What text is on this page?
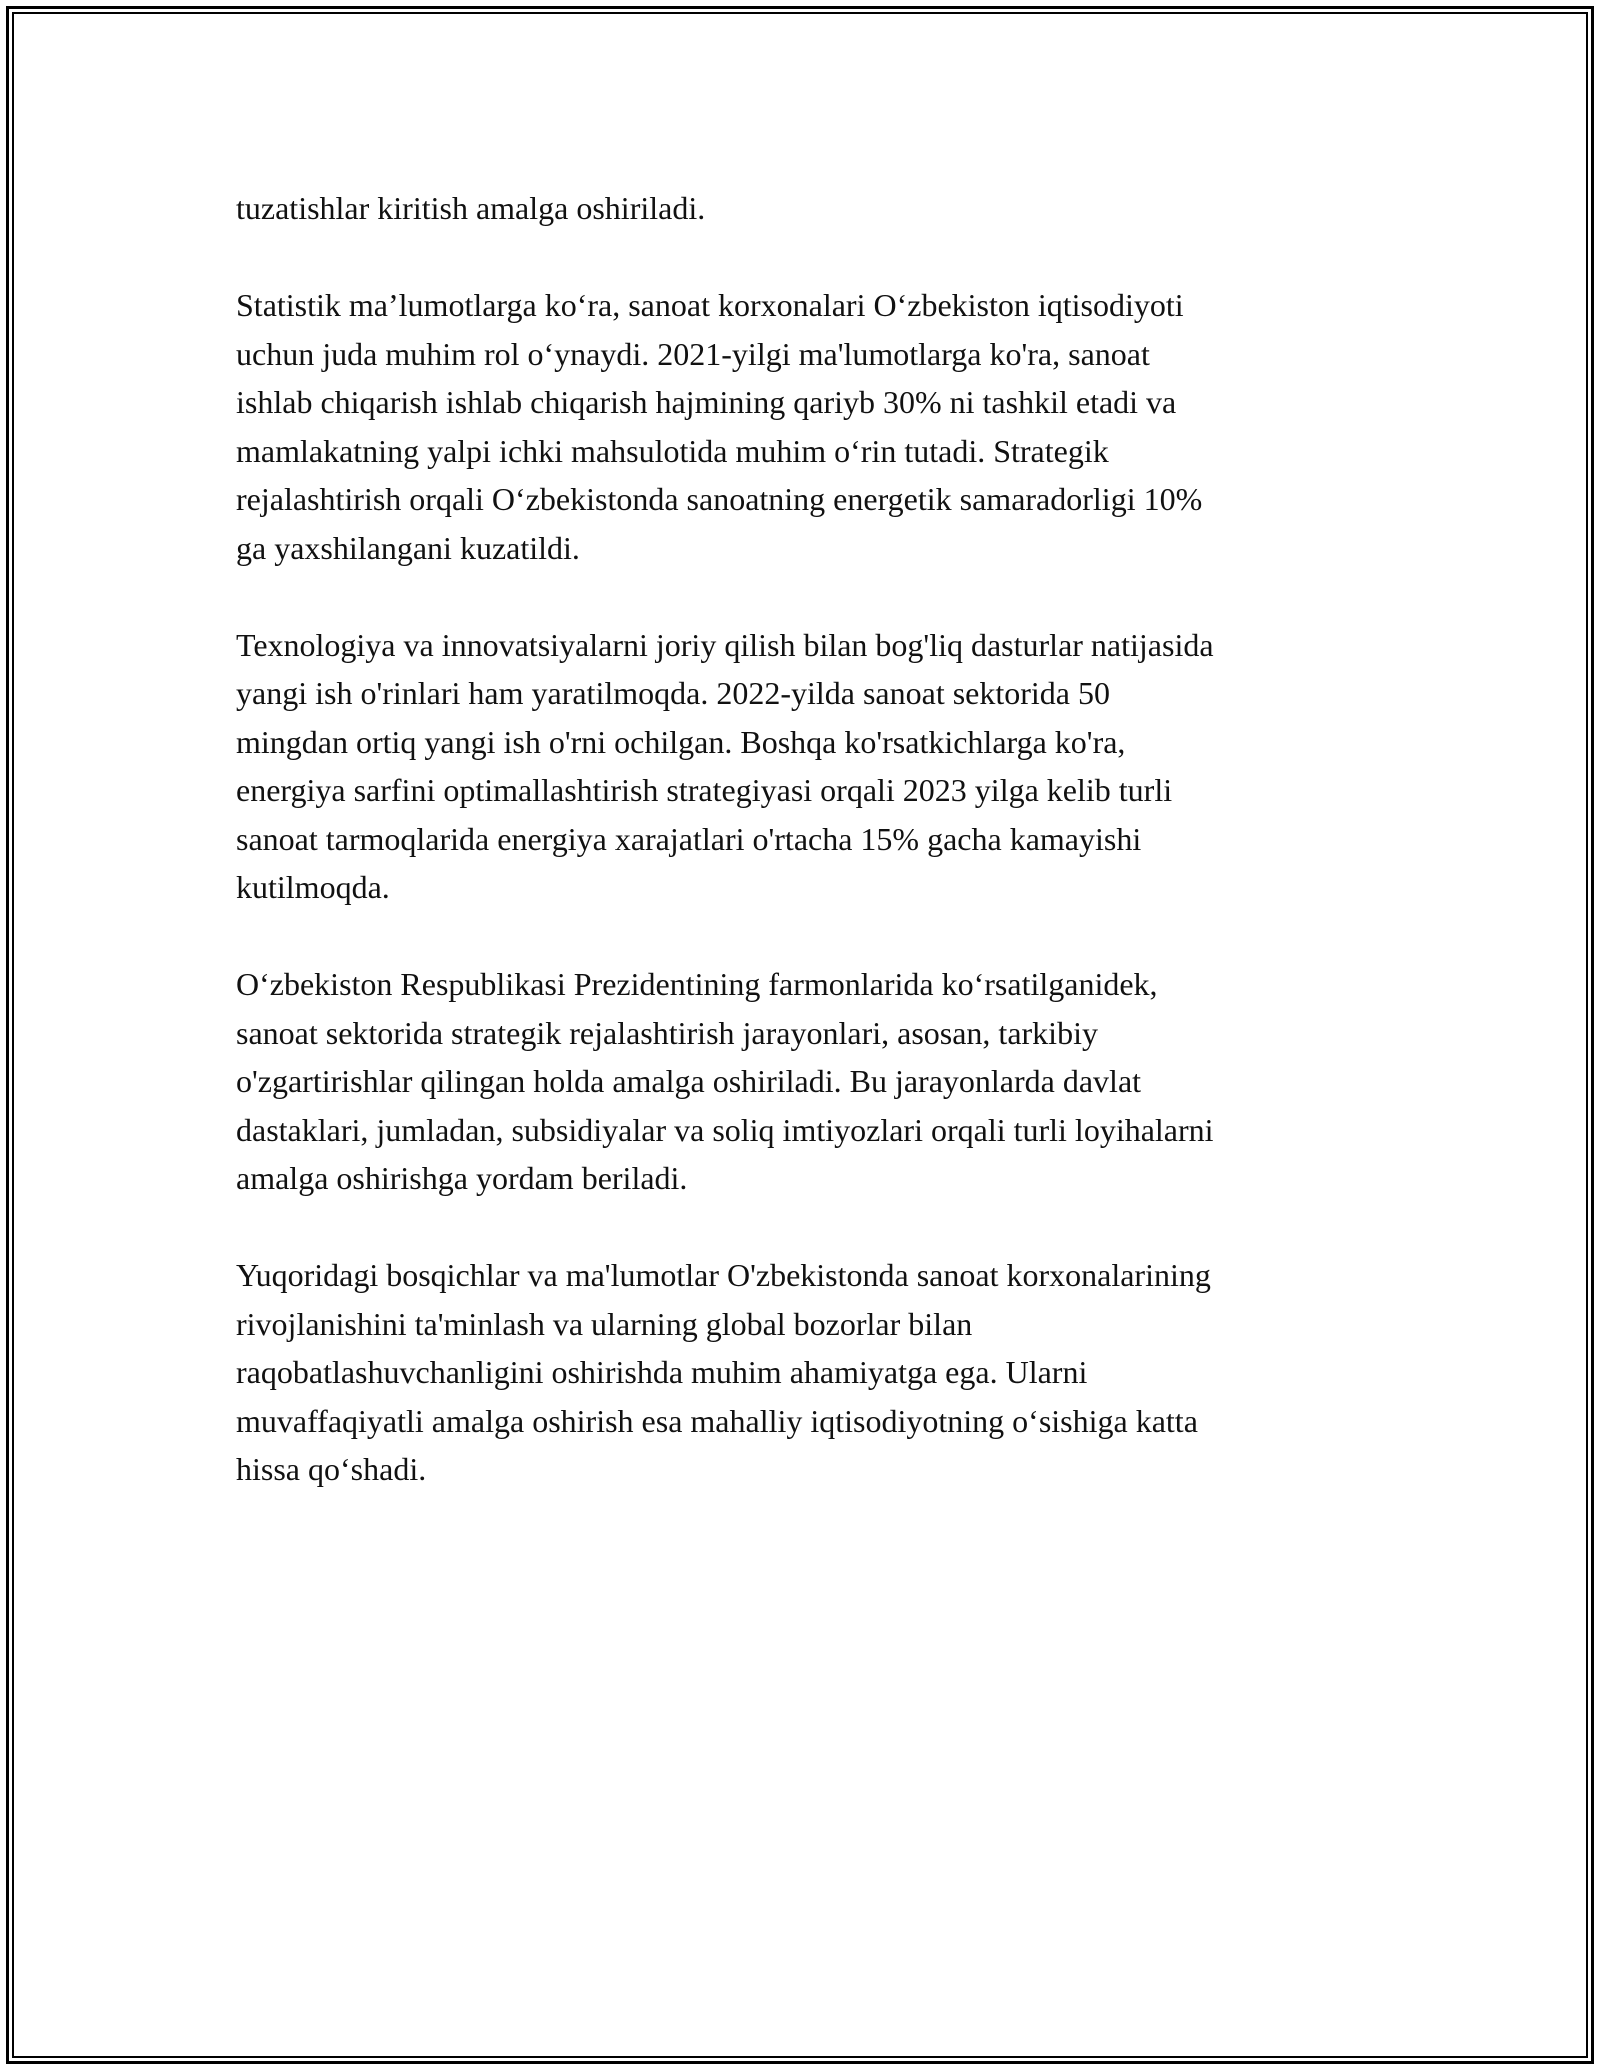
tuzatishlar kiritish amalga oshiriladi.

Statistik ma’lumotlarga ko‘ra, sanoat korxonalari O‘zbekiston iqtisodiyoti
uchun juda muhim rol o‘ynaydi. 2021-yilgi ma'lumotlarga ko'ra, sanoat
ishlab chiqarish ishlab chiqarish hajmining qariyb 30% ni tashkil etadi va
mamlakatning yalpi ichki mahsulotida muhim o‘rin tutadi. Strategik
rejalashtirish orqali O‘zbekistonda sanoatning energetik samaradorligi 10%
ga yaxshilangani kuzatildi.

Texnologiya va innovatsiyalarni joriy qilish bilan bog'liq dasturlar natijasida
yangi ish o'rinlari ham yaratilmoqda. 2022-yilda sanoat sektorida 50
mingdan ortiq yangi ish o'rni ochilgan. Boshqa ko'rsatkichlarga ko'ra,
energiya sarfini optimallashtirish strategiyasi orqali 2023 yilga kelib turli
sanoat tarmoqlarida energiya xarajatlari o'rtacha 15% gacha kamayishi
kutilmoqda.

O‘zbekiston Respublikasi Prezidentining farmonlarida ko‘rsatilganidek,
sanoat sektorida strategik rejalashtirish jarayonlari, asosan, tarkibiy
o'zgartirishlar qilingan holda amalga oshiriladi. Bu jarayonlarda davlat
dastaklari, jumladan, subsidiyalar va soliq imtiyozlari orqali turli loyihalarni
amalga oshirishga yordam beriladi.

Yuqoridagi bosqichlar va ma'lumotlar O'zbekistonda sanoat korxonalarining
rivojlanishini ta'minlash va ularning global bozorlar bilan
raqobatlashuvchanligini oshirishda muhim ahamiyatga ega. Ularni
muvaffaqiyatli amalga oshirish esa mahalliy iqtisodiyotning o‘sishiga katta
hissa qo‘shadi.
